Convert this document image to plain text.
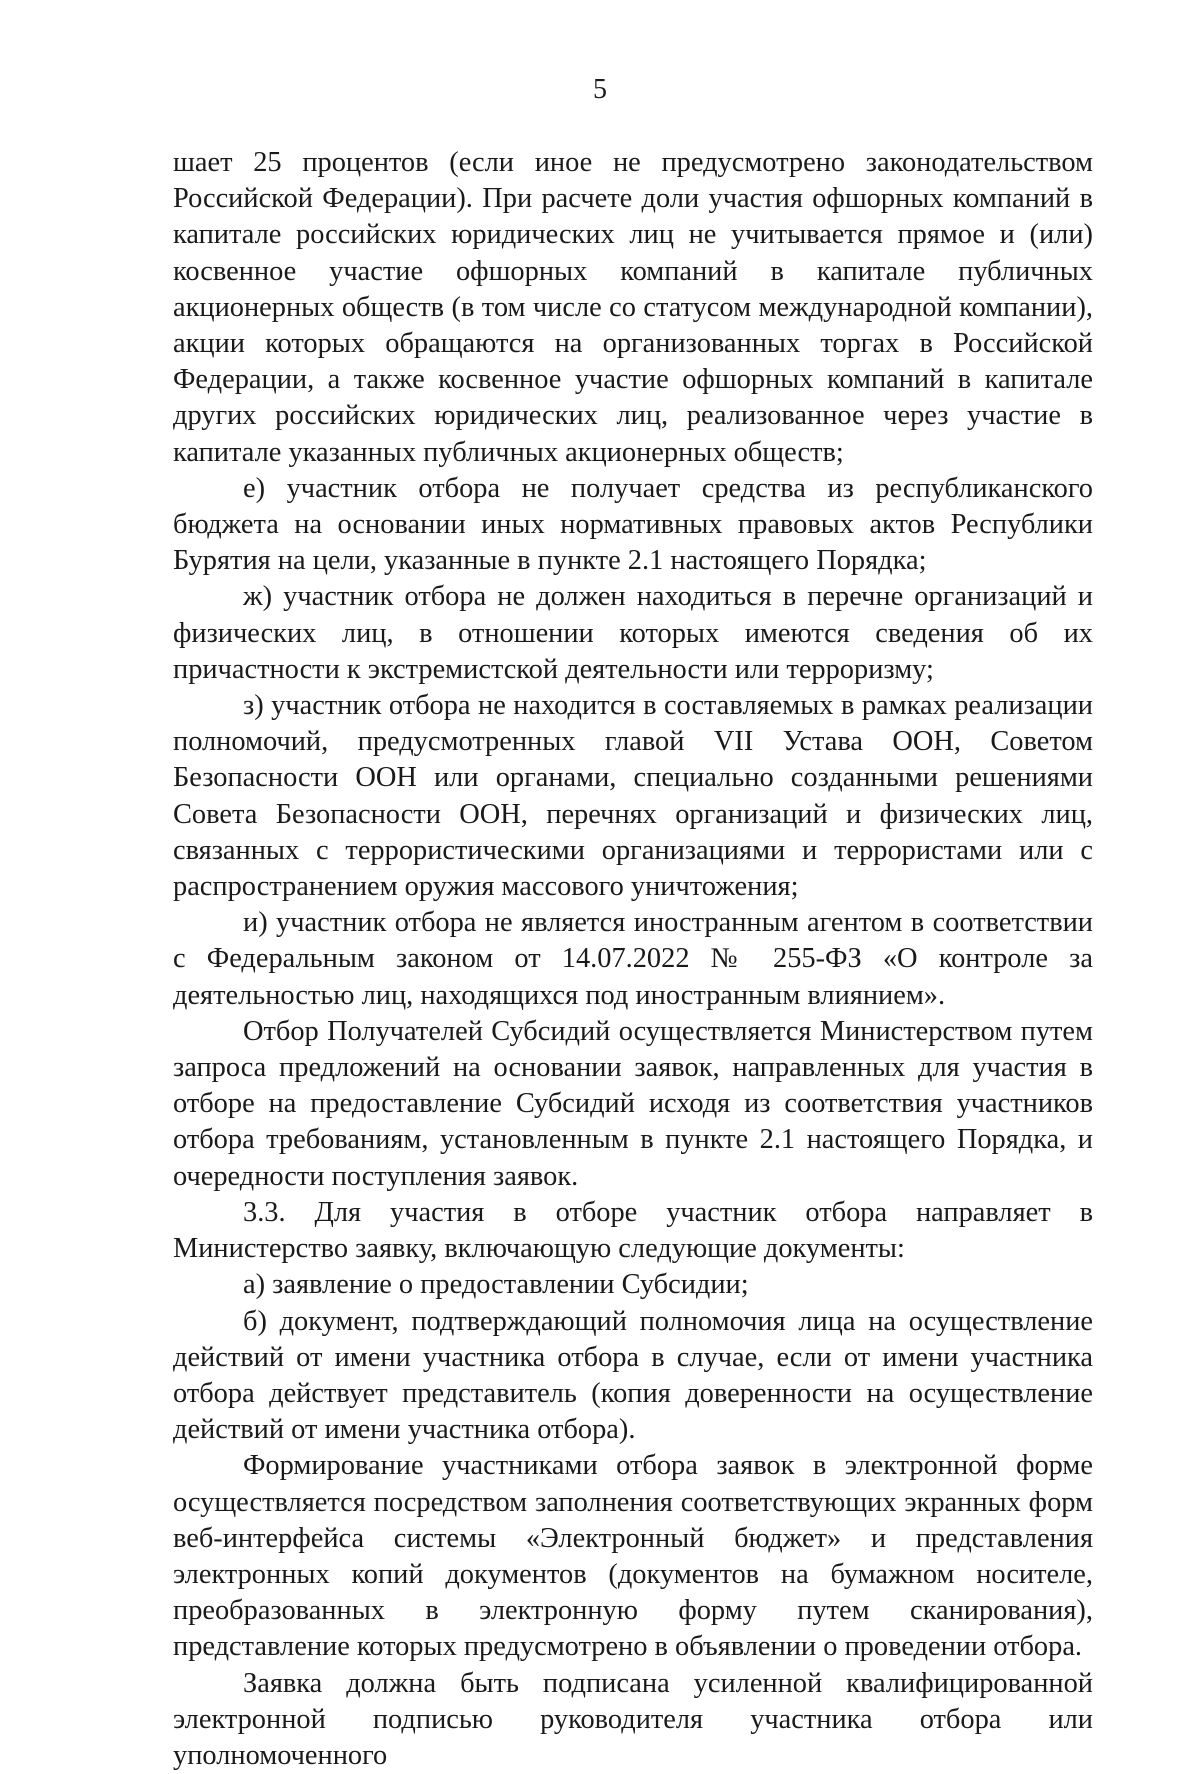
5

шает 25 процентов (если иное не предусмотрено законодательством Российской Федерации). При расчете доли участия офшорных компаний в капитале российских юридических лиц не учитывается прямое и (или) косвенное участие офшорных компаний в капитале публичных акционерных обществ (в том числе со статусом международной компании), акции которых обращаются на организованных торгах в Российской Федерации, а также косвенное участие офшорных компаний в капитале других российских юридических лиц, реализованное через участие в капитале указанных публичных акционерных обществ;

е) участник отбора не получает средства из республиканского бюджета на основании иных нормативных правовых актов Республики Бурятия на цели, указанные в пункте 2.1 настоящего Порядка;

ж) участник отбора не должен находиться в перечне организаций и физических лиц, в отношении которых имеются сведения об их причастности к экстремистской деятельности или терроризму;

з) участник отбора не находится в составляемых в рамках реализации полномочий, предусмотренных главой VII Устава ООН, Советом Безопасности ООН или органами, специально созданными решениями Совета Безопасности ООН, перечнях организаций и физических лиц, связанных с террористическими организациями и террористами или с распространением оружия массового уничтожения;

и) участник отбора не является иностранным агентом в соответствии с Федеральным законом от 14.07.2022 № 255-ФЗ «О контроле за деятельностью лиц, находящихся под иностранным влиянием».

Отбор Получателей Субсидий осуществляется Министерством путем запроса предложений на основании заявок, направленных для участия в отборе на предоставление Субсидий исходя из соответствия участников отбора требованиям, установленным в пункте 2.1 настоящего Порядка, и очередности поступления заявок.

3.3. Для участия в отборе участник отбора направляет в Министерство заявку, включающую следующие документы:

а) заявление о предоставлении Субсидии;

б) документ, подтверждающий полномочия лица на осуществление действий от имени участника отбора в случае, если от имени участника отбора действует представитель (копия доверенности на осуществление действий от имени участника отбора).

Формирование участниками отбора заявок в электронной форме осуществляется посредством заполнения соответствующих экранных форм веб-интерфейса системы «Электронный бюджет» и представления электронных копий документов (документов на бумажном носителе, преобразованных в электронную форму путем сканирования), представление которых предусмотрено в объявлении о проведении отбора.

Заявка должна быть подписана усиленной квалифицированной электронной подписью руководителя участника отбора или уполномоченного
